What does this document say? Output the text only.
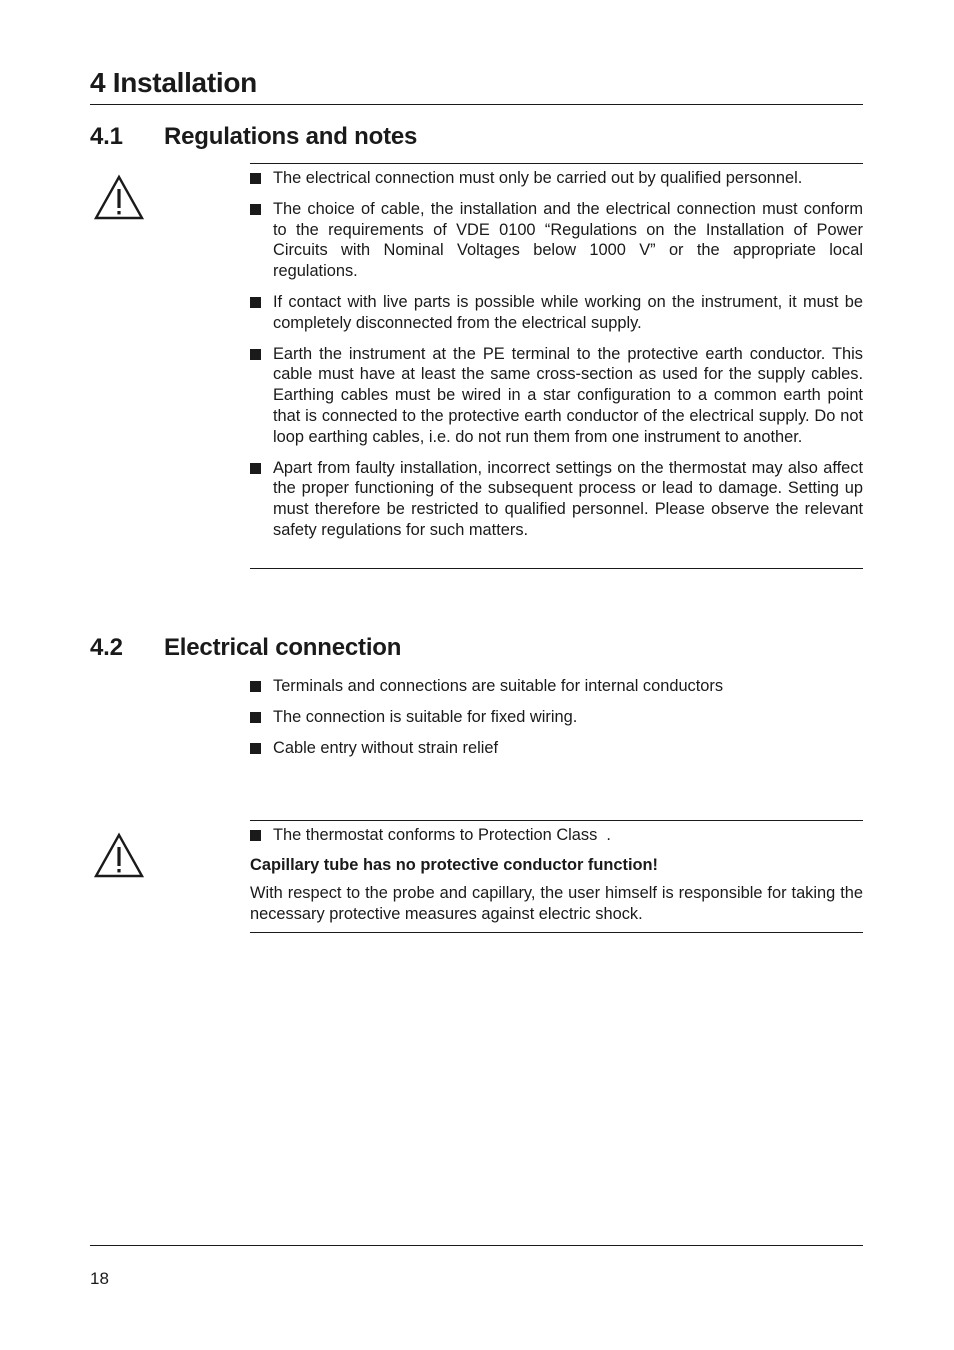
4 Installation
4.1 Regulations and notes
The electrical connection must only be carried out by qualified personnel.
The choice of cable, the installation and the electrical connection must conform to the requirements of VDE 0100 “Regulations on the Installation of Power Circuits with Nominal Voltages below 1000 V” or the appropriate local regulations.
If contact with live parts is possible while working on the instrument, it must be completely disconnected from the electrical supply.
Earth the instrument at the PE terminal to the protective earth conductor. This cable must have at least the same cross-section as used for the supply cables. Earthing cables must be wired in a star configuration to a common earth point that is connected to the protective earth conductor of the electrical supply. Do not loop earthing cables, i.e. do not run them from one instrument to another.
Apart from faulty installation, incorrect settings on the thermostat may also affect the proper functioning of the subsequent process or lead to damage. Setting up must therefore be restricted to qualified personnel. Please observe the relevant safety regulations for such matters.
4.2 Electrical connection
Terminals and connections are suitable for internal conductors
The connection is suitable for fixed wiring.
Cable entry without strain relief
The thermostat conforms to Protection Class  .
Capillary tube has no protective conductor function!
With respect to the probe and capillary, the user himself is responsible for taking the necessary protective measures against electric shock.
18
